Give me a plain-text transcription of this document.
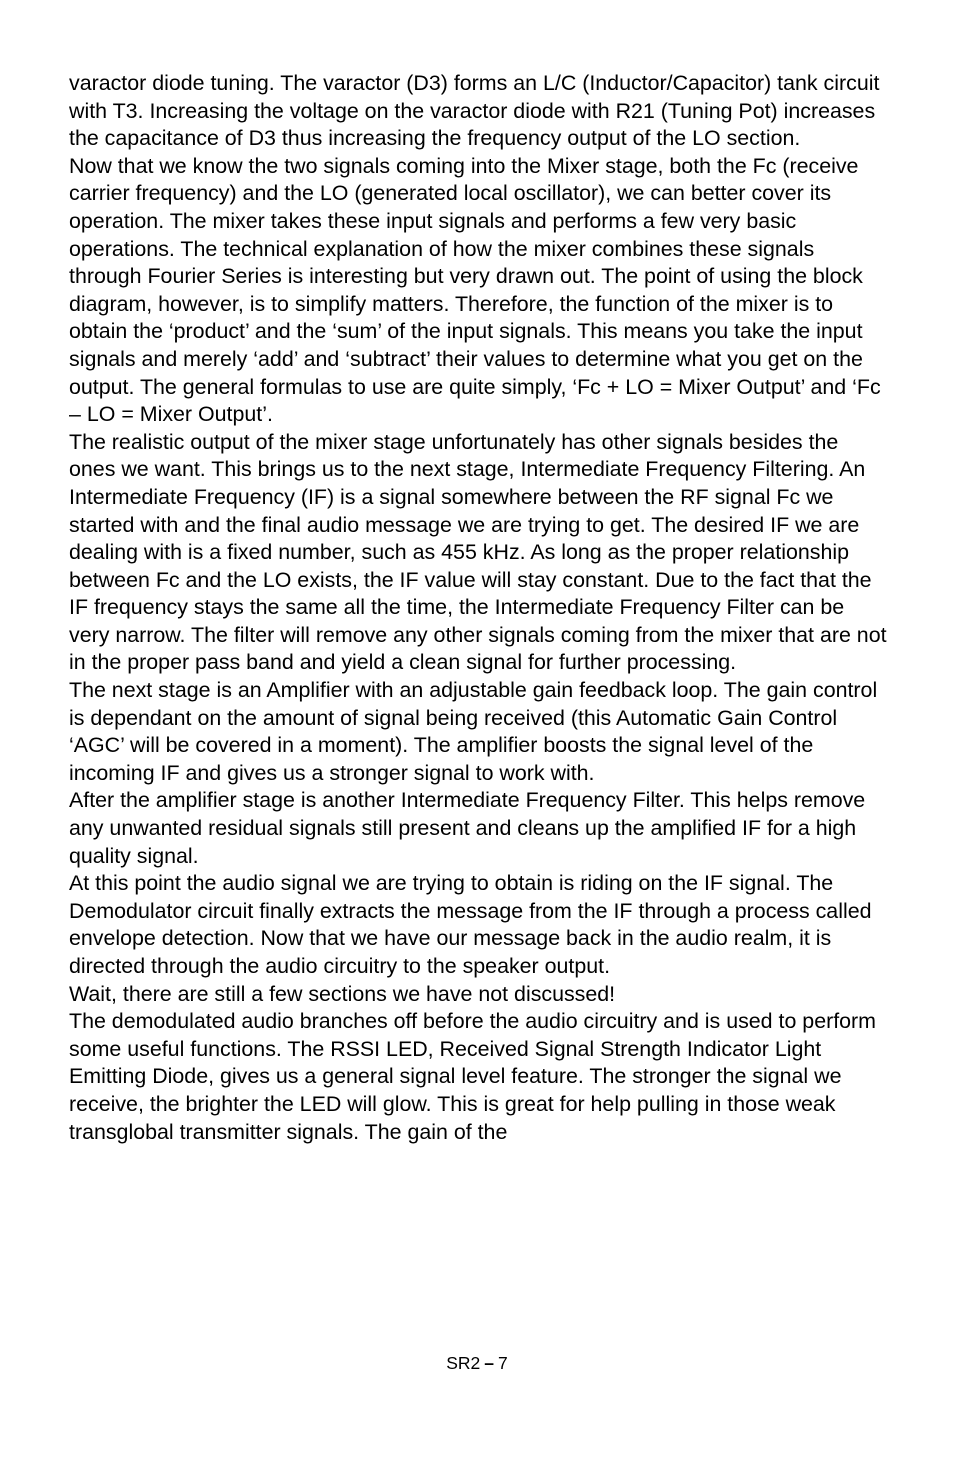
varactor diode tuning. The varactor (D3) forms an L/C (Inductor/Capacitor) tank circuit with T3. Increasing the voltage on the varactor diode with R21 (Tuning Pot) increases the capacitance of D3 thus increasing the frequency output of the LO section.

Now that we know the two signals coming into the Mixer stage, both the Fc (receive carrier frequency) and the LO (generated local oscillator), we can better cover its operation. The mixer takes these input signals and performs a few very basic operations. The technical explanation of how the mixer combines these signals through Fourier Series is interesting but very drawn out. The point of using the block diagram, however, is to simplify matters. Therefore, the function of the mixer is to obtain the ‘product’ and the ‘sum’ of the input signals. This means you take the input signals and merely ‘add’ and ‘subtract’ their values to determine what you get on the output. The general formulas to use are quite simply, ‘Fc + LO = Mixer Output’ and ‘Fc – LO = Mixer Output’.

The realistic output of the mixer stage unfortunately has other signals besides the ones we want. This brings us to the next stage, Intermediate Frequency Filtering. An Intermediate Frequency (IF) is a signal somewhere between the RF signal Fc we started with and the final audio message we are trying to get. The desired IF we are dealing with is a fixed number, such as 455 kHz. As long as the proper relationship between Fc and the LO exists, the IF value will stay constant. Due to the fact that the IF frequency stays the same all the time, the Intermediate Frequency Filter can be very narrow. The filter will remove any other signals coming from the mixer that are not in the proper pass band and yield a clean signal for further processing.

The next stage is an Amplifier with an adjustable gain feedback loop. The gain control is dependant on the amount of signal being received (this Automatic Gain Control ‘AGC’ will be covered in a moment). The amplifier boosts the signal level of the incoming IF and gives us a stronger signal to work with.

After the amplifier stage is another Intermediate Frequency Filter. This helps remove any unwanted residual signals still present and cleans up the amplified IF for a high quality signal.

At this point the audio signal we are trying to obtain is riding on the IF signal. The Demodulator circuit finally extracts the message from the IF through a process called envelope detection. Now that we have our message back in the audio realm, it is directed through the audio circuitry to the speaker output.

Wait, there are still a few sections we have not discussed!

The demodulated audio branches off before the audio circuitry and is used to perform some useful functions. The RSSI LED, Received Signal Strength Indicator Light Emitting Diode, gives us a general signal level feature. The stronger the signal we receive, the brighter the LED will glow. This is great for help pulling in those weak transglobal transmitter signals. The gain of the

SR2 – 7
